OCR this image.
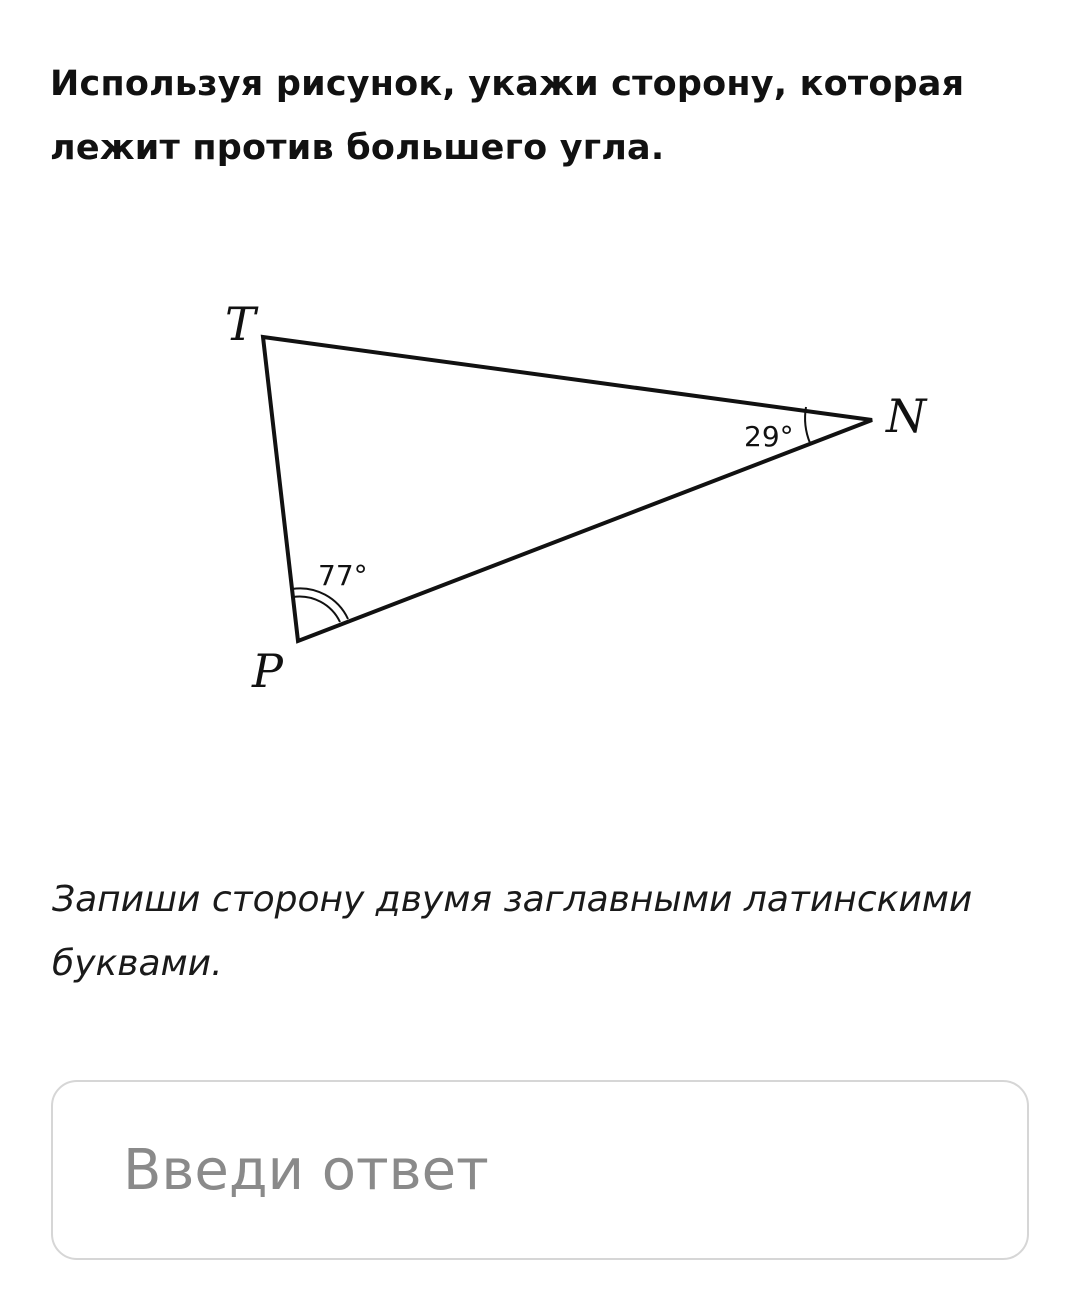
Используя рисунок, укажи сторону, которая лежит против большего угла.

T
N
P
29°
77°

Запиши сторону двумя заглавными латинскими буквами.

Введи ответ
